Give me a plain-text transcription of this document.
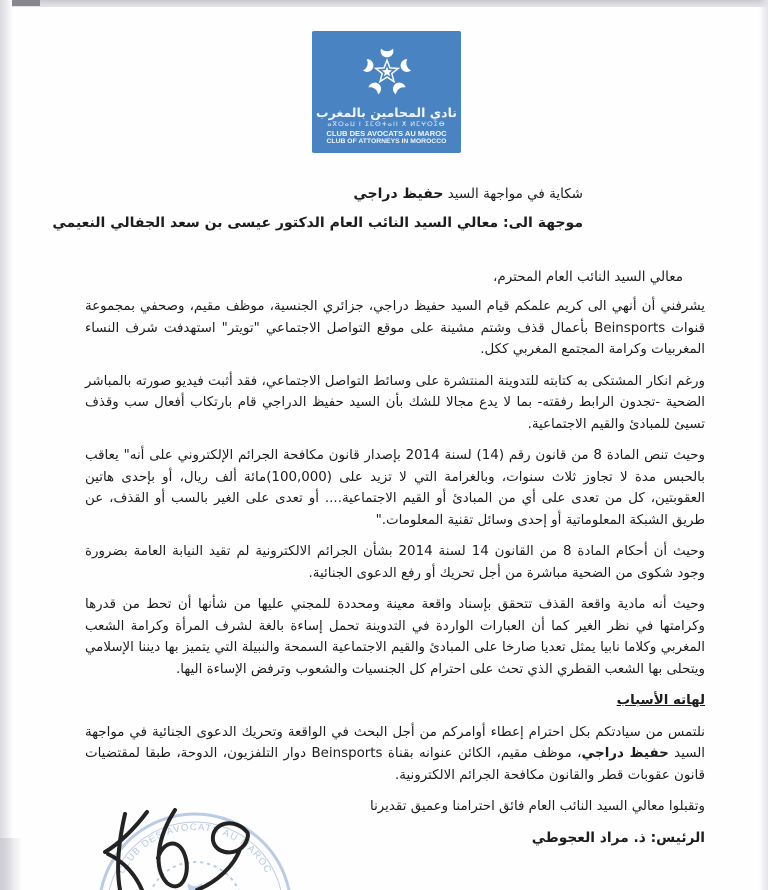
نادي المحامين بالمغرب
ⴰⴳⵔⴰⵡ ⵏ ⵉⵎⵙⵜⴰⵏⵏ ⵅ ⵍⵎⵖⵔⵉⴱ
CLUB DES AVOCATS AU MAROC
CLUB OF ATTORNEYS IN MOROCCO
شكاية في مواجهة السيد حفيظ دراجي
موجهة الى: معالي السيد النائب العام الدكتور عيسى بن سعد الجفالي النعيمي
معالي السيد النائب العام المحترم،

يشرفني أن أنهي الى كريم علمكم قيام السيد حفيظ دراجي، جزائري الجنسية، موظف مقيم، وصحفي بمجموعة قنوات Beinsports بأعمال قذف وشتم مشينة على موقع التواصل الاجتماعي "تويتر" استهدفت شرف النساء المغربيات وكرامة المجتمع المغربي ككل.

ورغم انكار المشتكى به كتابته للتدوينة المنتشرة على وسائط التواصل الاجتماعي، فقد أثبت فيديو صورته بالمباشر الضحية -تجدون الرابط رفقته- بما لا يدع مجالا للشك بأن السيد حفيظ الدراجي قام بارتكاب أفعال سب وقذف تسيئ للمبادئ والقيم الاجتماعية.

وحيث تنص المادة 8 من قانون رقم (14) لسنة 2014 بإصدار قانون مكافحة الجرائم الإلكتروني على أنه" يعاقب بالحبس مدة لا تجاوز ثلاث سنوات، وبالغرامة التي لا تزيد على (100,000)مائة ألف ريال، أو بإحدى هاتين العقوبتين، كل من تعدى على أي من المبادئ أو القيم الاجتماعية.... أو تعدى على الغير بالسب أو القذف، عن طريق الشبكة المعلوماتية أو إحدى وسائل تقنية المعلومات."

وحيث أن أحكام المادة 8 من القانون 14 لسنة 2014 بشأن الجرائم الالكترونية لم تقيد النيابة العامة بضرورة وجود شكوى من الضحية مباشرة من أجل تحريك أو رفع الدعوى الجنائية.

وحيث أنه مادية واقعة القذف تتحقق بإسناد واقعة معينة ومحددة للمجني عليها من شأنها أن تحط من قدرها وكرامتها في نظر الغير كما أن العبارات الواردة في التدوينة تحمل إساءة بالغة لشرف المرأة وكرامة الشعب المغربي وكلاما نابيا يمثل تعديا صارخا على المبادئ والقيم الاجتماعية السمحة والنبيلة التي يتميز بها ديننا الإسلامي ويتحلى بها الشعب القطري الذي تحث على احترام كل الجنسيات والشعوب وترفض الإساءة اليها.

لهاته الأسباب

نلتمس من سيادتكم بكل احترام إعطاء أوامركم من أجل البحث في الواقعة وتحريك الدعوى الجنائية في مواجهة السيد حفيظ دراجي، موظف مقيم، الكائن عنوانه بقناة Beinsports دوار التلفزيون، الدوحة، طبقا لمقتضيات قانون عقوبات قطر والقانون مكافحة الجرائم الالكترونية.

وتقبلوا معالي السيد النائب العام فائق احترامنا وعميق تقديرنا

الرئيس: ذ. مراد العجوطي

CLUB DES AVOCATS AU MAROC
